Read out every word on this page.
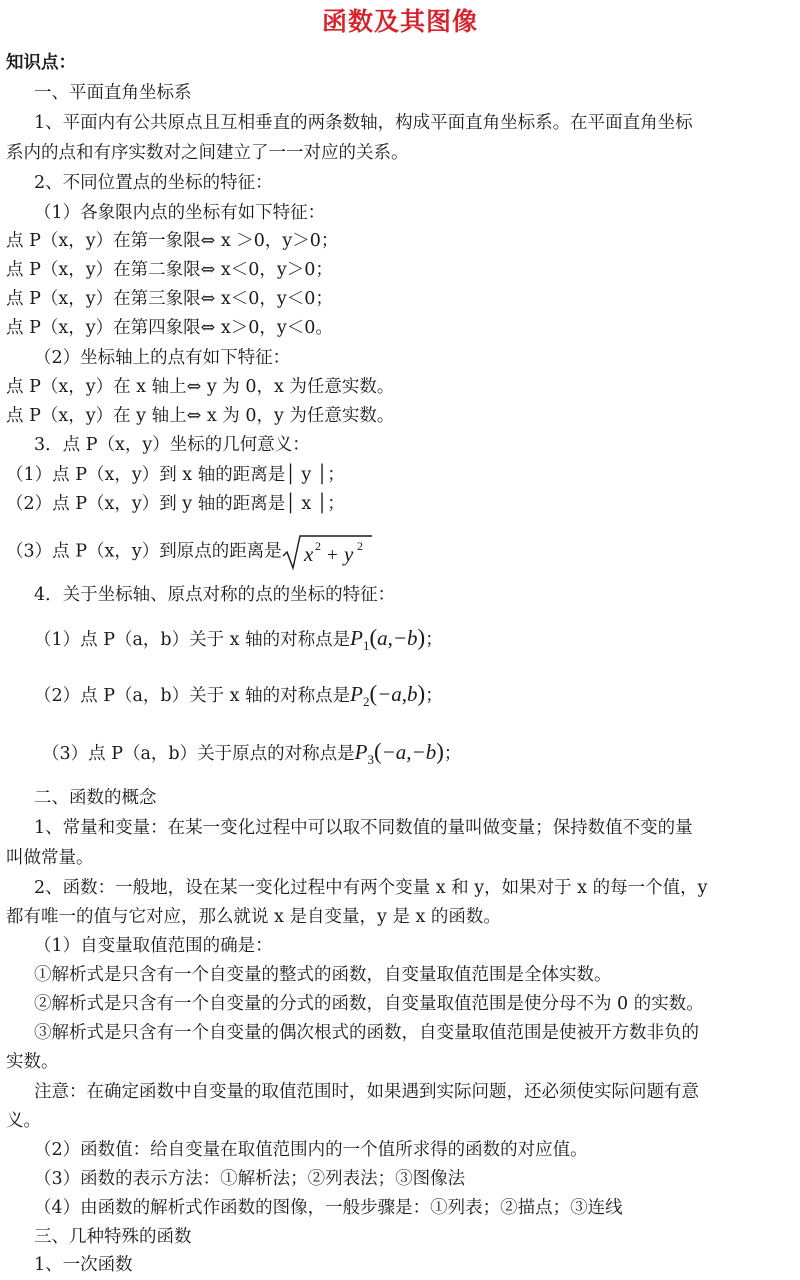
函数及其图像
知识点：
一、平面直角坐标系
1、平面内有公共原点且互相垂直的两条数轴，构成平面直角坐标系。在平面直角坐标
系内的点和有序实数对之间建立了一一对应的关系。
2、不同位置点的坐标的特征：
（1）各象限内点的坐标有如下特征：
点 P（x，y）在第一象限⇔ x ＞0，y＞0；
点 P（x，y）在第二象限⇔ x＜0，y＞0；
点 P（x，y）在第三象限⇔ x＜0，y＜0；
点 P（x，y）在第四象限⇔ x＞0，y＜0。
（2）坐标轴上的点有如下特征：
点 P（x，y）在 x 轴上⇔ y 为 0，x 为任意实数。
点 P（x，y）在 y 轴上⇔ x 为 0，y 为任意实数。
3．点 P（x，y）坐标的几何意义：
（1）点 P（x，y）到 x 轴的距离是│ y │；
（2）点 P（x，y）到 y 轴的距离是│ x │；
（3）点 P（x，y）到原点的距离是 x 2 + y 2
4．关于坐标轴、原点对称的点的坐标的特征：
（1）点 P（a，b）关于 x 轴的对称点是$P_1(a,-b)$；
（2）点 P（a，b）关于 x 轴的对称点是$P_2(-a,b)$；
（3）点 P（a，b）关于原点的对称点是$P_3(-a,-b)$；
二、函数的概念
1、常量和变量：在某一变化过程中可以取不同数值的量叫做变量；保持数值不变的量
叫做常量。
2、函数：一般地，设在某一变化过程中有两个变量 x 和 y，如果对于 x 的每一个值，y
都有唯一的值与它对应，那么就说 x 是自变量，y 是 x 的函数。
（1）自变量取值范围的确是：
①解析式是只含有一个自变量的整式的函数，自变量取值范围是全体实数。
②解析式是只含有一个自变量的分式的函数，自变量取值范围是使分母不为 0 的实数。
③解析式是只含有一个自变量的偶次根式的函数，自变量取值范围是使被开方数非负的
实数。
注意：在确定函数中自变量的取值范围时，如果遇到实际问题，还必须使实际问题有意
义。
（2）函数值：给自变量在取值范围内的一个值所求得的函数的对应值。
（3）函数的表示方法：①解析法；②列表法；③图像法
（4）由函数的解析式作函数的图像，一般步骤是：①列表；②描点；③连线
三、几种特殊的函数
1、一次函数
